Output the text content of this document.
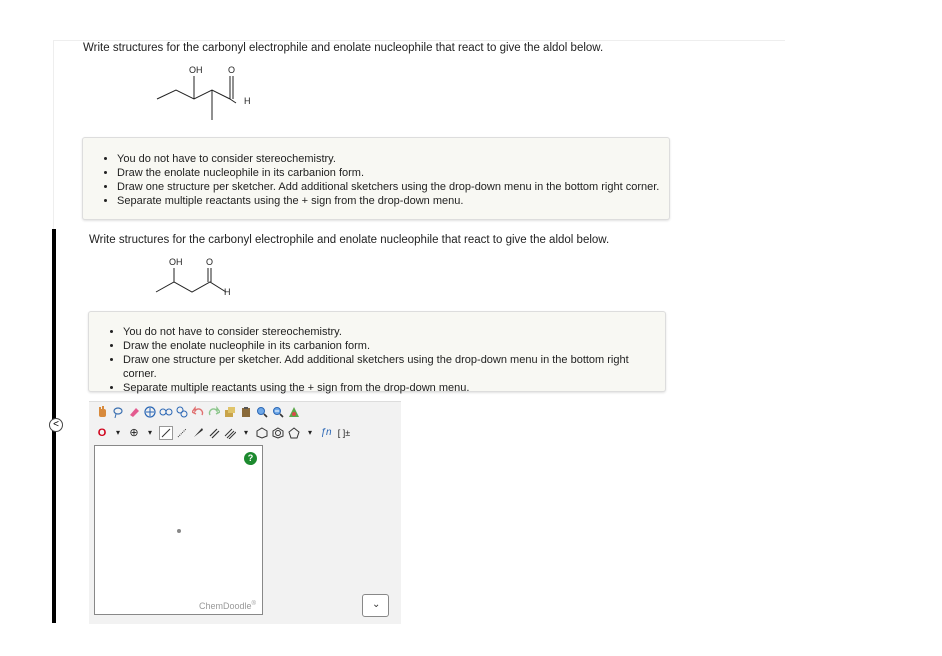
<
Write structures for the carbonyl electrophile and enolate nucleophile that react to give the aldol below.
OH	O
H
• You do not have to consider stereochemistry.
• Draw the enolate nucleophile in its carbanion form.
• Draw one structure per sketcher. Add additional sketchers using the drop-down menu in the bottom right corner.
• Separate multiple reactants using the + sign from the drop-down menu.
Write structures for the carbonyl electrophile and enolate nucleophile that react to give the aldol below.
OH	O
H
• You do not have to consider stereochemistry.
• Draw the enolate nucleophile in its carbanion form.
• Draw one structure per sketcher. Add additional sketchers using the drop-down menu in the bottom right corner.
• Separate multiple reactants using the + sign from the drop-down menu.
O	▾ ⊕	▾	▾	▾ ƒn [ ]±
?
ChemDoodle®	⌄
